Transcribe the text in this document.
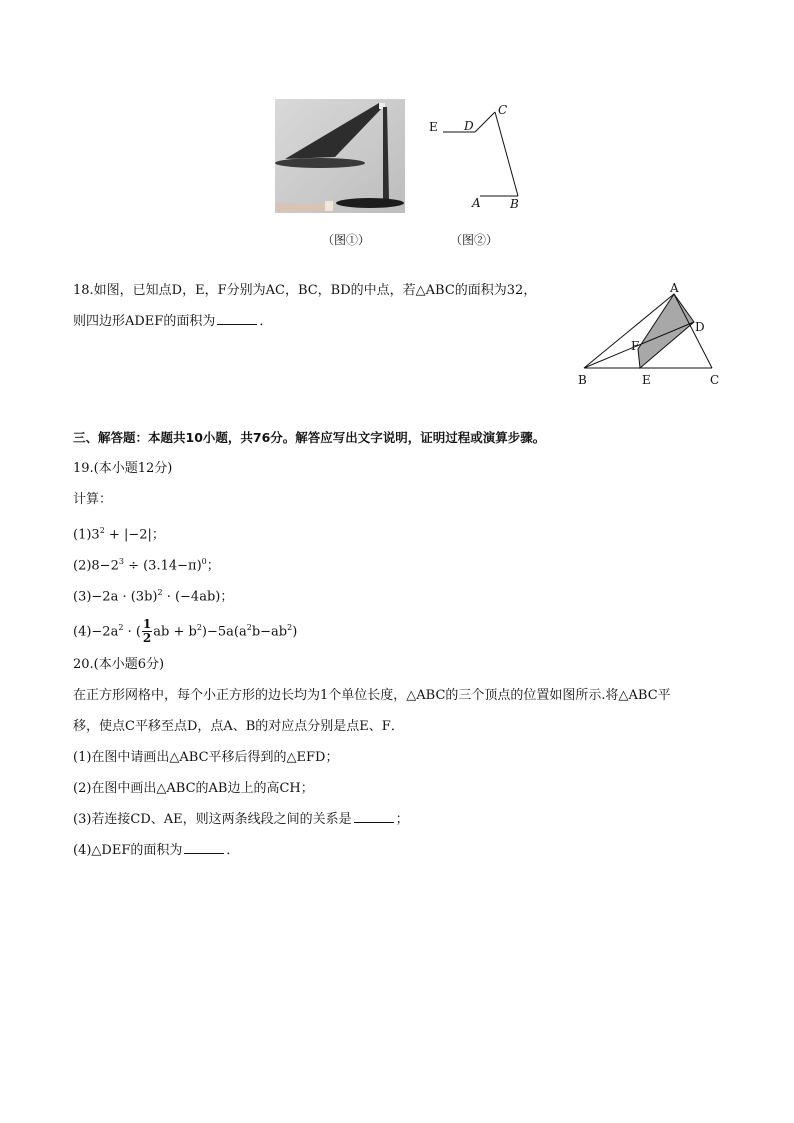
E D
C
A B
（图①）	（图②）
18.如图，已知点D，E，F分别为AC，BC，BD的中点，若△ABC的面积为32，
则四边形ADEF的面积为	．
A
D
F
B	E	C
三、解答题：本题共10小题，共76分。解答应写出文字说明，证明过程或演算步骤。
19.(本小题12分)
计算：
$(1)3^2 + |-2|$；
$(2)8-2^3 \div (3.14-\pi)^0$；
$(3)-2a \cdot (3b)^2 \cdot (-4ab)$；
$(4)-2a^2$ · ( $\frac{1}{2}$ ab + $b^2)-5a(a^2b-ab^2)$
20.(本小题6分)
在正方形网格中，每个小正方形的边长均为1个单位长度，△ABC的三个顶点的位置如图所示.将△ABC平
移，使点C平移至点D，点A、B的对应点分别是点E、F．
(1)在图中请画出△ABC平移后得到的△EFD；
(2)在图中画出△ABC的AB边上的高CH；
(3)若连接CD、AE，则这两条线段之间的关系是	；
(4)△DEF的面积为	．
